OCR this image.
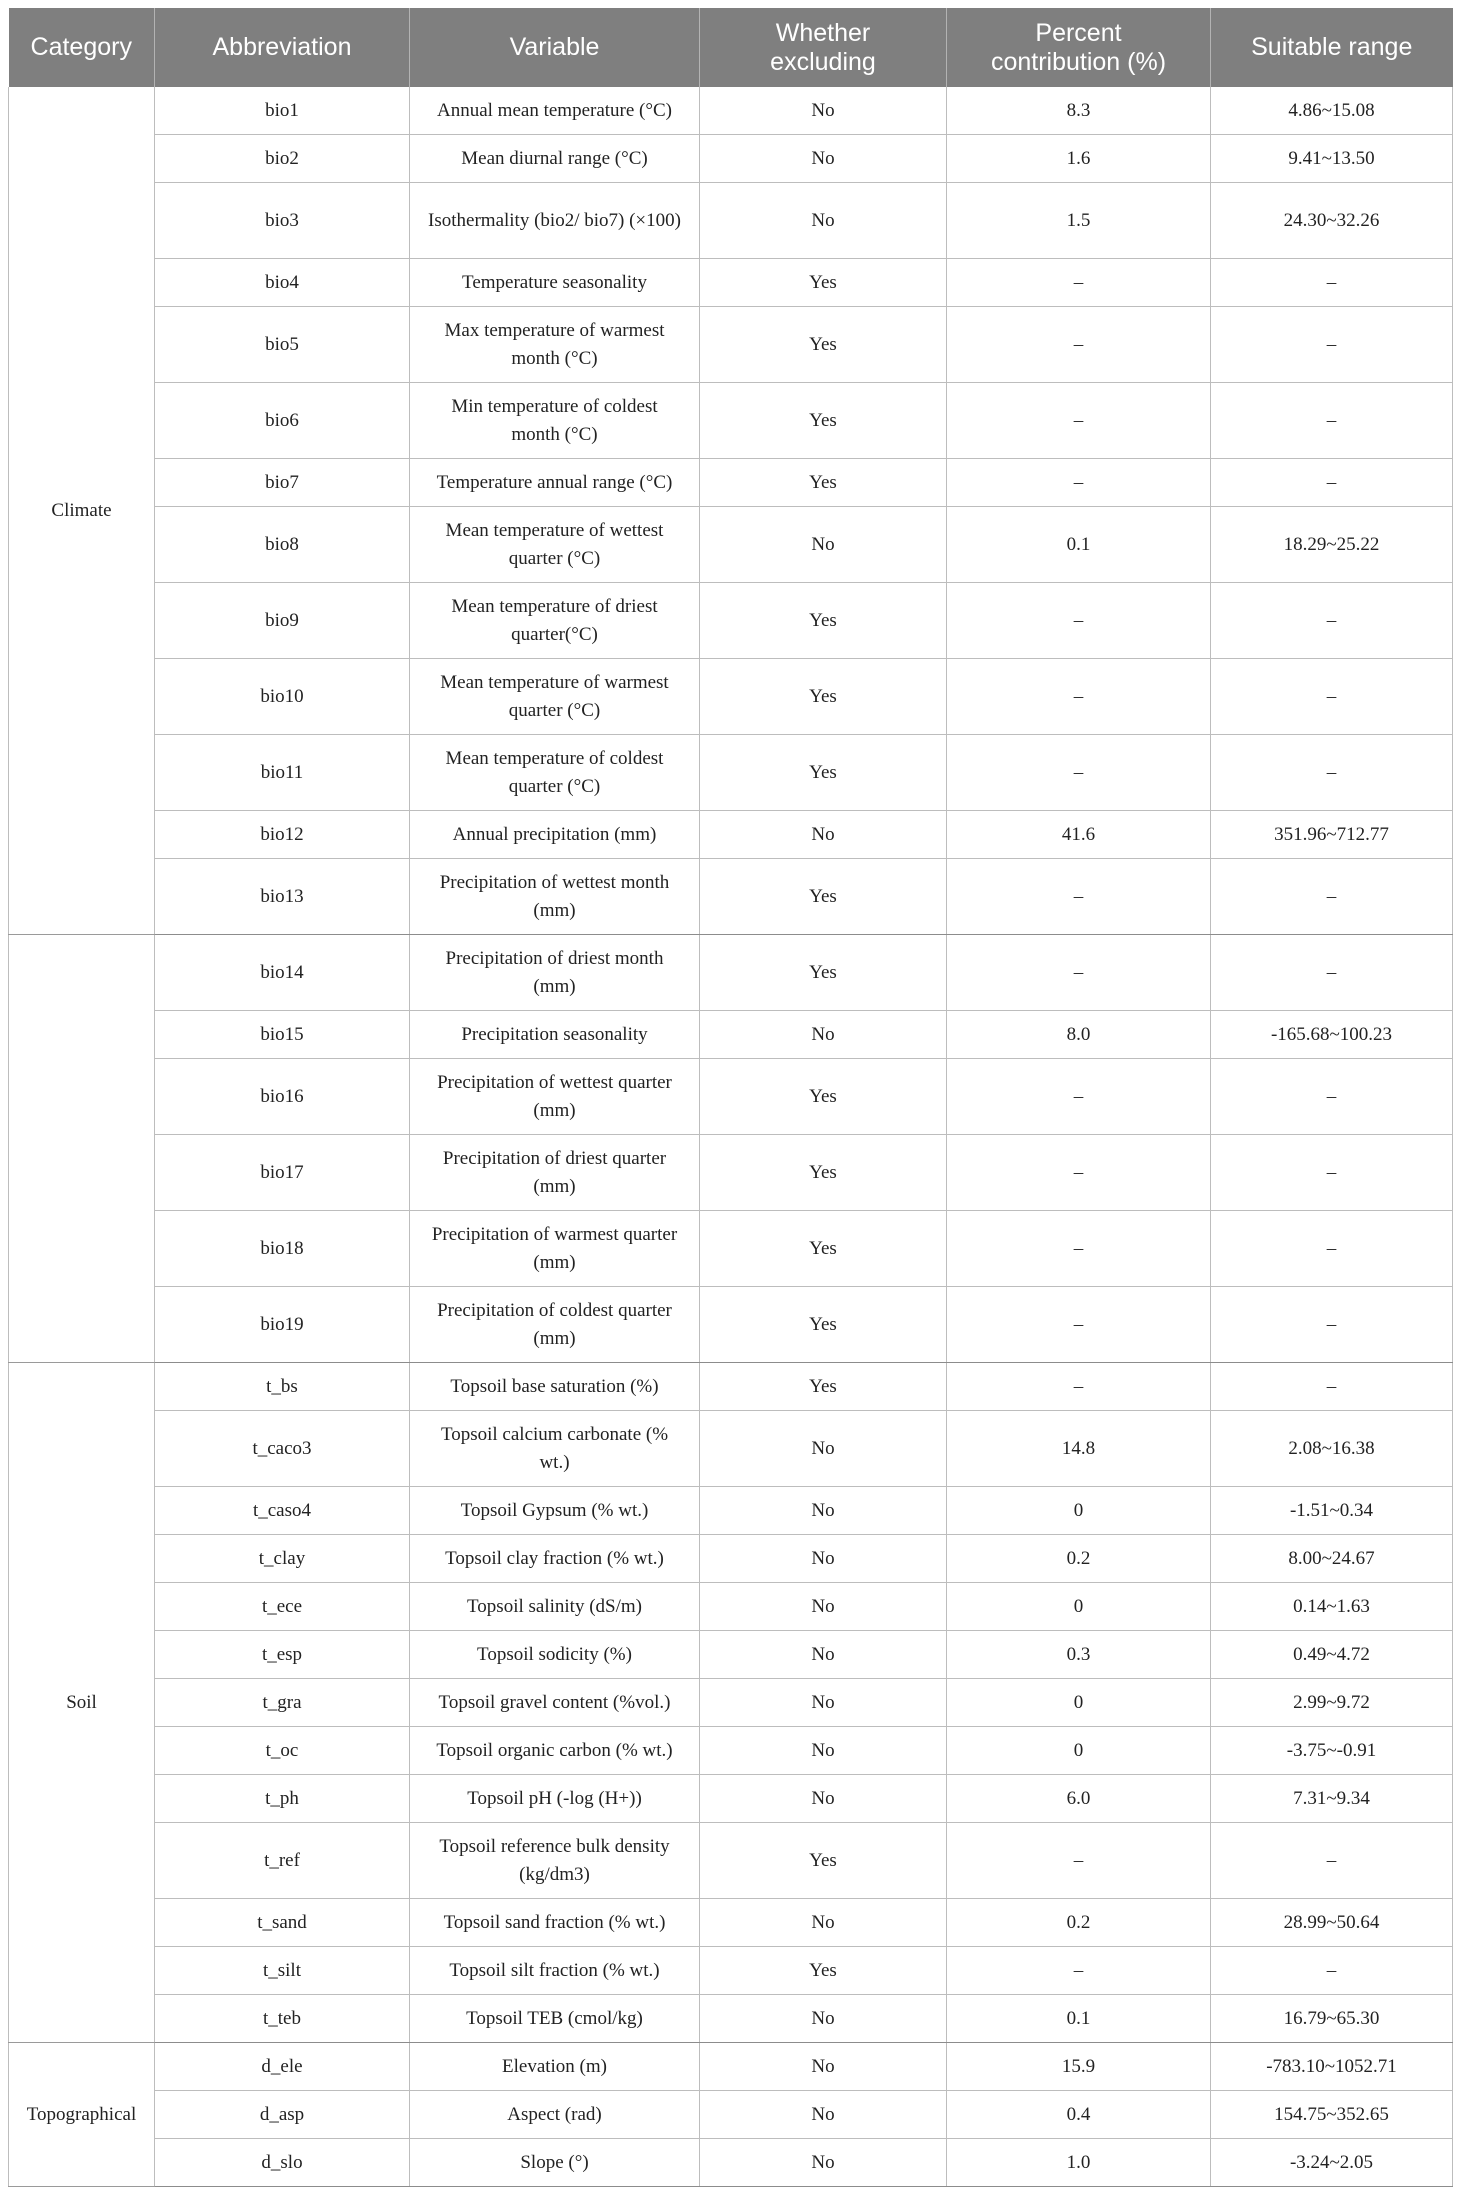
Category	Abbreviation	Variable	Whether excluding	Percent contribution (%)	Suitable range
Climate	bio1	Annual mean temperature (°C)	No	8.3	4.86~15.08
	bio2	Mean diurnal range (°C)	No	1.6	9.41~13.50
	bio3	Isothermality (bio2/ bio7) (×100)	No	1.5	24.30~32.26
	bio4	Temperature seasonality	Yes	–	–
	bio5	Max temperature of warmest month (°C)	Yes	–	–
	bio6	Min temperature of coldest month (°C)	Yes	–	–
	bio7	Temperature annual range (°C)	Yes	–	–
	bio8	Mean temperature of wettest quarter (°C)	No	0.1	18.29~25.22
	bio9	Mean temperature of driest quarter(°C)	Yes	–	–
	bio10	Mean temperature of warmest quarter (°C)	Yes	–	–
	bio11	Mean temperature of coldest quarter (°C)	Yes	–	–
	bio12	Annual precipitation (mm)	No	41.6	351.96~712.77
	bio13	Precipitation of wettest month (mm)	Yes	–	–
	bio14	Precipitation of driest month (mm)	Yes	–	–
	bio15	Precipitation seasonality	No	8.0	-165.68~100.23
	bio16	Precipitation of wettest quarter (mm)	Yes	–	–
	bio17	Precipitation of driest quarter (mm)	Yes	–	–
	bio18	Precipitation of warmest quarter (mm)	Yes	–	–
	bio19	Precipitation of coldest quarter (mm)	Yes	–	–
Soil	t_bs	Topsoil base saturation (%)	Yes	–	–
	t_caco3	Topsoil calcium carbonate (% wt.)	No	14.8	2.08~16.38
	t_caso4	Topsoil Gypsum (% wt.)	No	0	-1.51~0.34
	t_clay	Topsoil clay fraction (% wt.)	No	0.2	8.00~24.67
	t_ece	Topsoil salinity (dS/m)	No	0	0.14~1.63
	t_esp	Topsoil sodicity (%)	No	0.3	0.49~4.72
	t_gra	Topsoil gravel content (%vol.)	No	0	2.99~9.72
	t_oc	Topsoil organic carbon (% wt.)	No	0	-3.75~-0.91
	t_ph	Topsoil pH (-log (H+))	No	6.0	7.31~9.34
	t_ref	Topsoil reference bulk density (kg/dm3)	Yes	–	–
	t_sand	Topsoil sand fraction (% wt.)	No	0.2	28.99~50.64
	t_silt	Topsoil silt fraction (% wt.)	Yes	–	–
	t_teb	Topsoil TEB (cmol/kg)	No	0.1	16.79~65.30
Topographical	d_ele	Elevation (m)	No	15.9	-783.10~1052.71
	d_asp	Aspect (rad)	No	0.4	154.75~352.65
	d_slo	Slope (°)	No	1.0	-3.24~2.05
